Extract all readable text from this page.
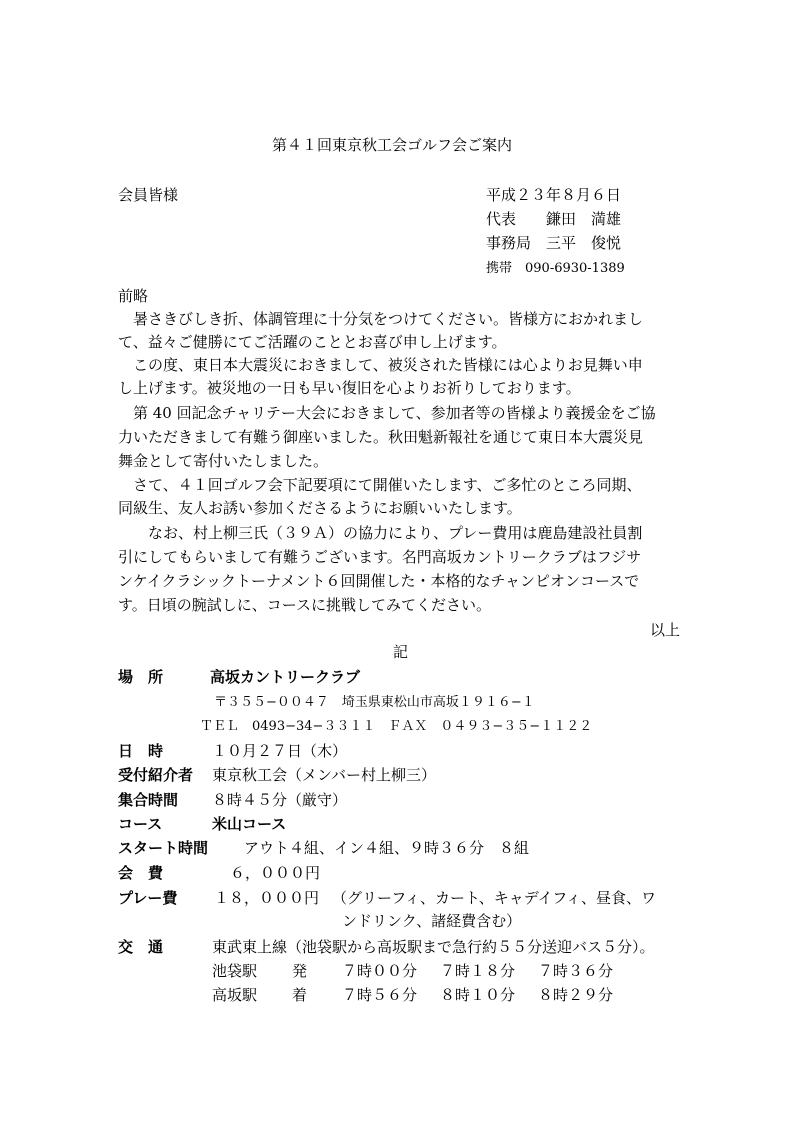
第４１回東京秋工会ゴルフ会ご案内
会員皆様	平成２３年８月６日
代表　　鎌田　満雄
事務局　三平　俊悦
携帯　090-6930-1389
前略
　暑さきびしき折、体調管理に十分気をつけてください。皆様方におかれまし
て、益々ご健勝にてご活躍のこととお喜び申し上げます。
　この度、東日本大震災におきまして、被災された皆様には心よりお見舞い申
し上げます。被災地の一日も早い復旧を心よりお祈りしております。
　第 40 回記念チャリテー大会におきまして、参加者等の皆様より義援金をご協
力いただきまして有難う御座いました。秋田魁新報社を通じて東日本大震災見
舞金として寄付いたしました。
　さて、４１回ゴルフ会下記要項にて開催いたします、ご多忙のところ同期、
同級生、友人お誘い参加くださるようにお願いいたします。
　　なお、村上柳三氏（３９Ａ）の協力により、プレー費用は鹿島建設社員割
引にしてもらいまして有難うございます。名門高坂カントリークラブはフジサ
ンケイクラシックトーナメント６回開催した・本格的なチャンピオンコースで
す。日頃の腕試しに、コースに挑戦してみてください。
以上
記
場　所	高坂カントリークラブ
〒３５５−００４７　埼玉県東松山市高坂１９１６−１
ＴＥＬ　0493−34−３３１１　ＦＡＸ　０４９３−３５−１１２２
日　時	１０月２７日（木）
受付紹介者 東京秋工会（メンバー村上柳三）
集合時間 ８時４５分（厳守）
コース	米山コース
スタート時間 アウト４組、イン４組、９時３６分　８組
会　費	６，０００円
プレー費 １８，０００円 （グリーフィ、カート、キャデイフィ、昼食、ワ
ンドリンク、諸経費含む）
交　通	東武東上線（池袋駅から高坂駅まで急行約５５分送迎バス５分）。
池袋駅 発 ７時００分 ７時１８分 ７時３６分
高坂駅 着 ７時５６分 ８時１０分 ８時２９分
